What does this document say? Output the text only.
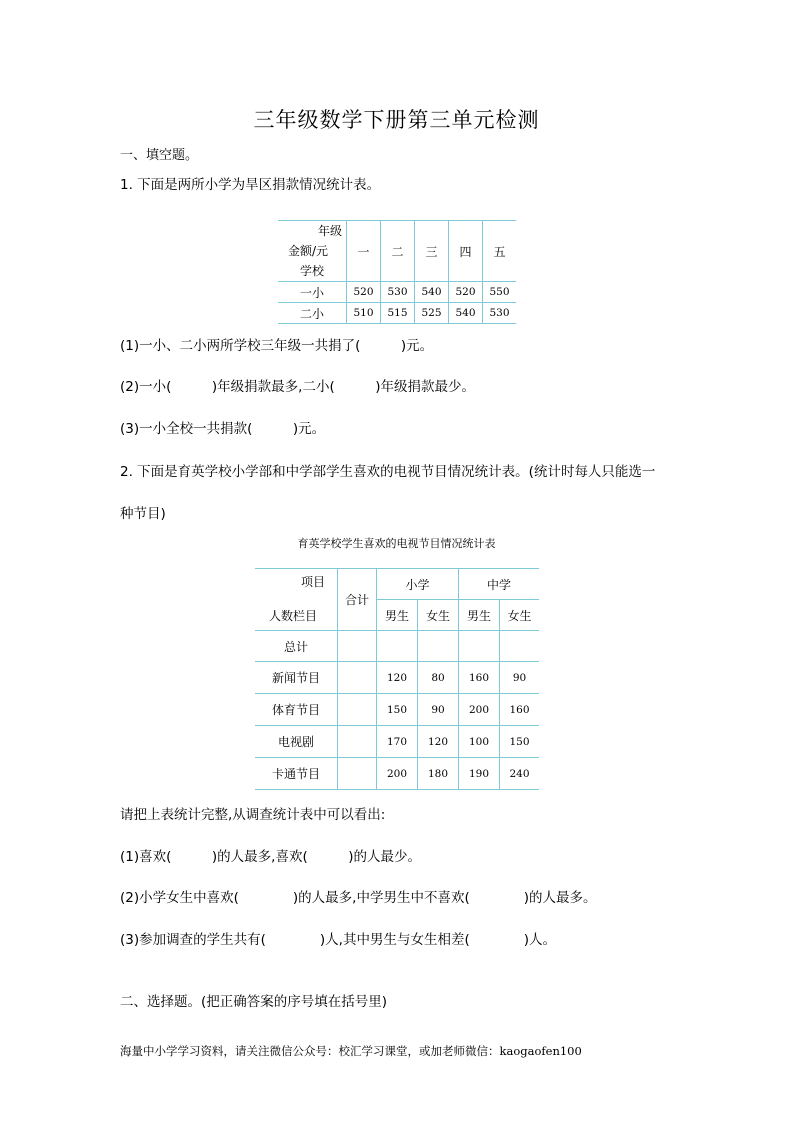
三年级数学下册第三单元检测
一、填空题。
1. 下面是两所小学为旱区捐款情况统计表。
年级
金额/元
学校	一	二	三	四	五
一小	520	530	540	520	550
二小	510	515	525	540	530
(1)一小、二小两所学校三年级一共捐了(　　　)元。
(2)一小(　　　)年级捐款最多,二小(　　　)年级捐款最少。
(3)一小全校一共捐款(　　　)元。
2. 下面是育英学校小学部和中学部学生喜欢的电视节目情况统计表。(统计时每人只能选一
种节目)
育英学校学生喜欢的电视节目情况统计表
项目
人数栏目	合计	小学		中学	
		男生	女生	男生	女生
总计					
新闻节目		120	80	160	90
体育节目		150	90	200	160
电视剧		170	120	100	150
卡通节目		200	180	190	240
请把上表统计完整,从调查统计表中可以看出:
(1)喜欢(　　　)的人最多,喜欢(　　　)的人最少。
(2)小学女生中喜欢(　　　　)的人最多,中学男生中不喜欢(　　　　)的人最多。
(3)参加调查的学生共有(　　　　)人,其中男生与女生相差(　　　　)人。
二、选择题。(把正确答案的序号填在括号里)
海量中小学学习资料，请关注微信公众号：校汇学习课堂，或加老师微信：kaogaofen100
